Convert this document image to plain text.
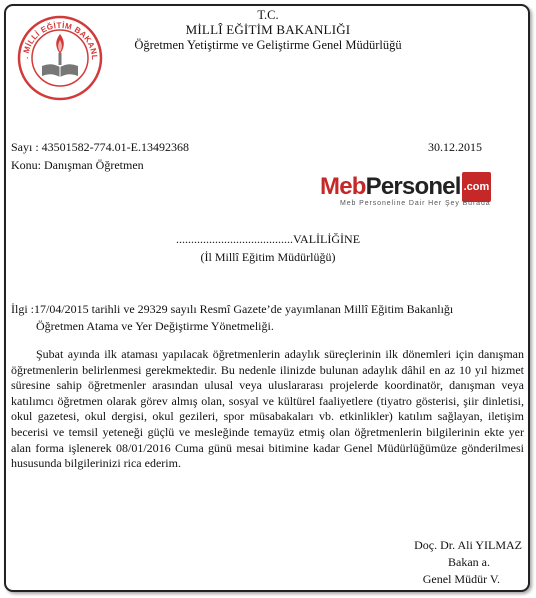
. MİLLİ EĞİTİM BAKANL
T.C.
MİLLÎ EĞİTİM BAKANLIĞI
Öğretmen Yetiştirme ve Geliştirme Genel Müdürlüğü
Sayı : 43501582-774.01-E.13492368
Konu: Danışman Öğretmen
30.12.2015
MebPersonel .com
Meb Personeline Dair Her Şey Burada
.......................................VALİLİĞİNE
(İl Millî Eğitim Müdürlüğü)
İlgi :17/04/2015 tarihli ve 29329 sayılı Resmî Gazete’de yayımlanan Millî Eğitim Bakanlığı
Öğretmen Atama ve Yer Değiştirme Yönetmeliği.
Şubat ayında ilk ataması yapılacak öğretmenlerin adaylık süreçlerinin ilk dönemleri için danışman öğretmenlerin belirlenmesi gerekmektedir. Bu nedenle ilinizde bulunan adaylık dâhil en az 10 yıl hizmet süresine sahip öğretmenler arasından ulusal veya uluslararası projelerde koordinatör, danışman veya katılımcı öğretmen olarak görev almış olan, sosyal ve kültürel faaliyetlere (tiyatro gösterisi, şiir dinletisi, okul gazetesi, okul dergisi, okul gezileri, spor müsabakaları vb. etkinlikler) katılım sağlayan, iletişim becerisi ve temsil yeteneği güçlü ve mesleğinde temayüz etmiş olan öğretmenlerin bilgilerinin ekte yer alan forma işlenerek 08/01/2016 Cuma günü mesai bitimine kadar Genel Müdürlüğümüze gönderilmesi hususunda bilgilerinizi rica ederim.
Doç. Dr. Ali YILMAZ
Bakan a.
Genel Müdür V.
